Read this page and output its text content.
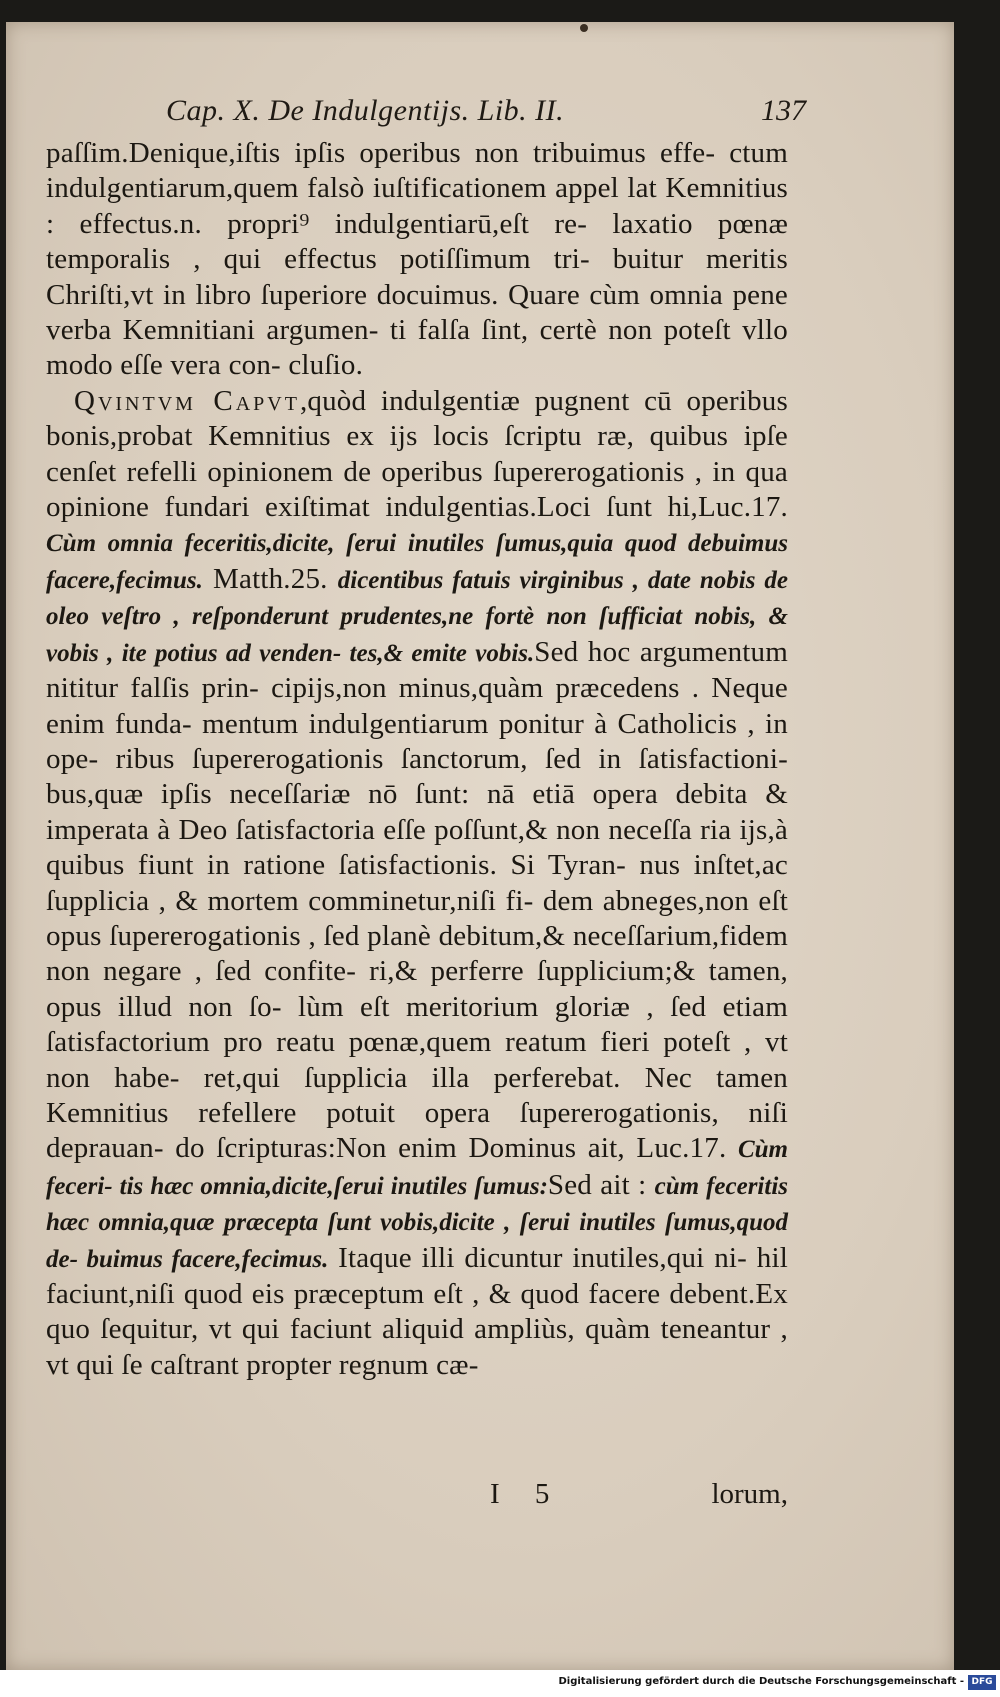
Cap. X. De Indulgentijs. Lib. II.	137

paſſim.Denique,iſtis ipſis operibus non tribuimus effe- ctum indulgentiarum,quem falsò iuſtificationem appel lat Kemnitius : effectus.n. propri⁹ indulgentiarū,eſt re- laxatio pœnæ temporalis , qui effectus potiſſimum tri- buitur meritis Chriſti,vt in libro ſuperiore docuimus. Quare cùm omnia pene verba Kemnitiani argumen- ti falſa ſint, certè non poteſt vllo modo eſſe vera con- cluſio.

Qvintvm Capvt,quòd indulgentiæ pugnent cū operibus bonis,probat Kemnitius ex ijs locis ſcriptu ræ, quibus ipſe cenſet refelli opinionem de operibus ſupererogationis , in qua opinione fundari exiſtimat indulgentias.Loci ſunt hi,Luc.17. Cùm omnia feceritis,dicite, ſerui inutiles ſumus,quia quod debuimus facere,fecimus. Matth.25. dicentibus fatuis virginibus , date nobis de oleo veſtro , reſponderunt prudentes,ne fortè non ſufficiat nobis, & vobis , ite potius ad venden- tes,& emite vobis.Sed hoc argumentum nititur falſis prin- cipijs,non minus,quàm præcedens . Neque enim funda- mentum indulgentiarum ponitur à Catholicis , in ope- ribus ſupererogationis ſanctorum, ſed in ſatisfactioni- bus,quæ ipſis neceſſariæ nō ſunt: nā etiā opera debita & imperata à Deo ſatisfactoria eſſe poſſunt,& non neceſſa ria ijs,à quibus fiunt in ratione ſatisfactionis. Si Tyran- nus inſtet,ac ſupplicia , & mortem comminetur,niſi fi- dem abneges,non eſt opus ſupererogationis , ſed planè debitum,& neceſſarium,fidem non negare , ſed confite- ri,& perferre ſupplicium;& tamen, opus illud non ſo- lùm eſt meritorium gloriæ , ſed etiam ſatisfactorium pro reatu pœnæ,quem reatum fieri poteſt , vt non habe- ret,qui ſupplicia illa perferebat. Nec tamen Kemnitius refellere potuit opera ſupererogationis, niſi deprauan- do ſcripturas:Non enim Dominus ait, Luc.17. Cùm feceri- tis hæc omnia,dicite,ſerui inutiles ſumus:Sed ait : cùm feceritis hæc omnia,quæ præcepta ſunt vobis,dicite , ſerui inutiles ſumus,quod de- buimus facere,fecimus. Itaque illi dicuntur inutiles,qui ni- hil faciunt,niſi quod eis præceptum eſt , & quod facere debent.Ex quo ſequitur, vt qui faciunt aliquid ampliùs, quàm teneantur , vt qui ſe caſtrant propter regnum cæ-

I 5	lorum,
Digitalisierung gefördert durch die Deutsche Forschungsgemeinschaft - DFG
